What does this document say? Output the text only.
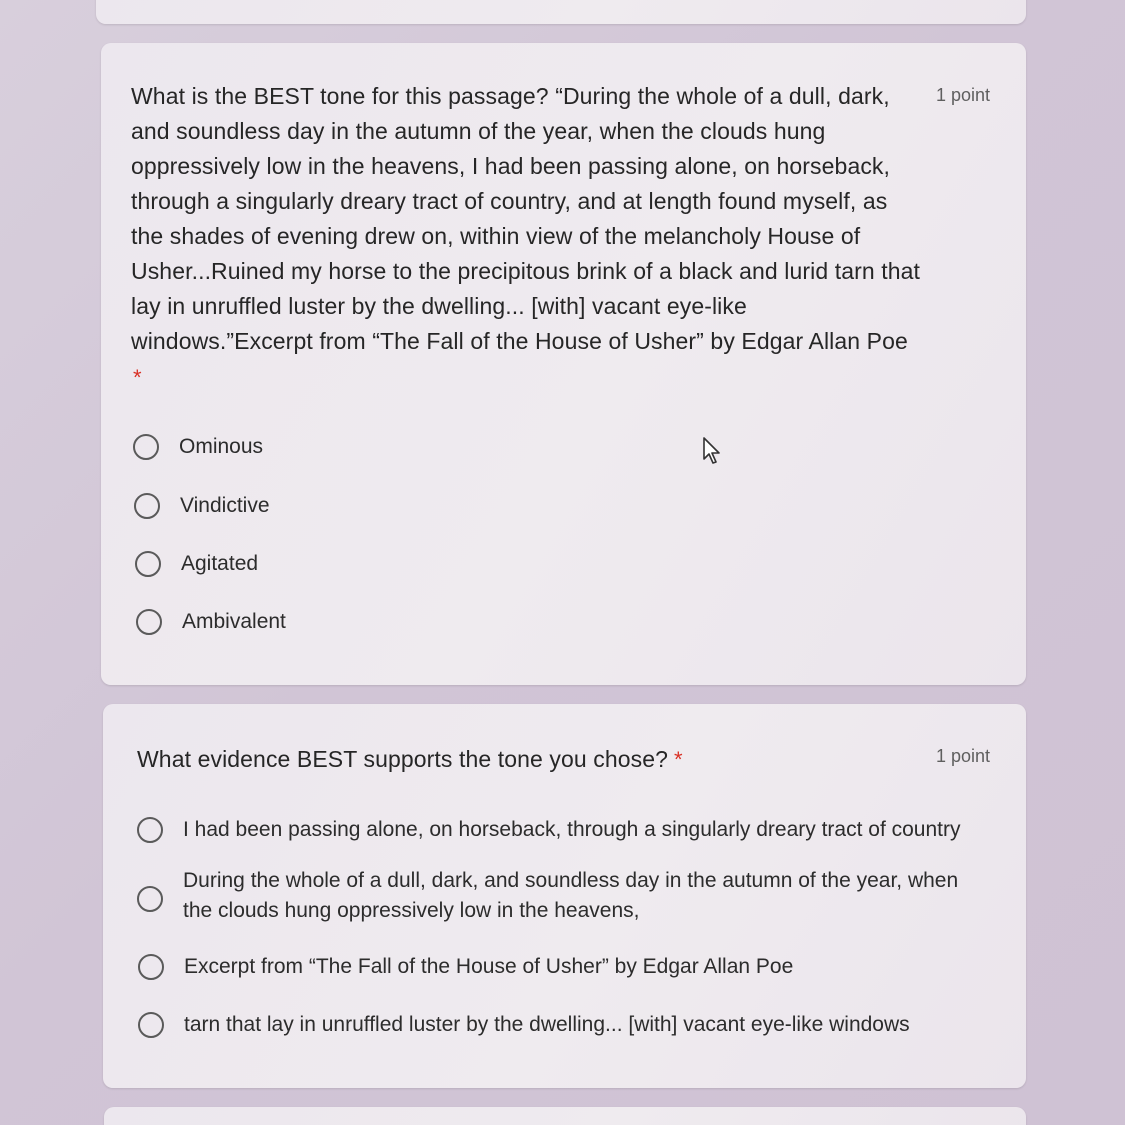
What is the BEST tone for this passage? “During the whole of a dull, dark, and soundless day in the autumn of the year, when the clouds hung oppressively low in the heavens, I had been passing alone, on horseback, through a singularly dreary tract of country, and at length found myself, as the shades of evening drew on, within view of the melancholy House of Usher...Ruined my horse to the precipitous brink of a black and lurid tarn that lay in unruffled luster by the dwelling... [with] vacant eye-like windows.”Excerpt from “The Fall of the House of Usher” by Edgar Allan Poe
1 point
*
Ominous
Vindictive
Agitated
Ambivalent
What evidence BEST supports the tone you chose? *	1 point
I had been passing alone, on horseback, through a singularly dreary tract of country
During the whole of a dull, dark, and soundless day in the autumn of the year, when the clouds hung oppressively low in the heavens,
Excerpt from “The Fall of the House of Usher” by Edgar Allan Poe
tarn that lay in unruffled luster by the dwelling... [with] vacant eye-like windows
